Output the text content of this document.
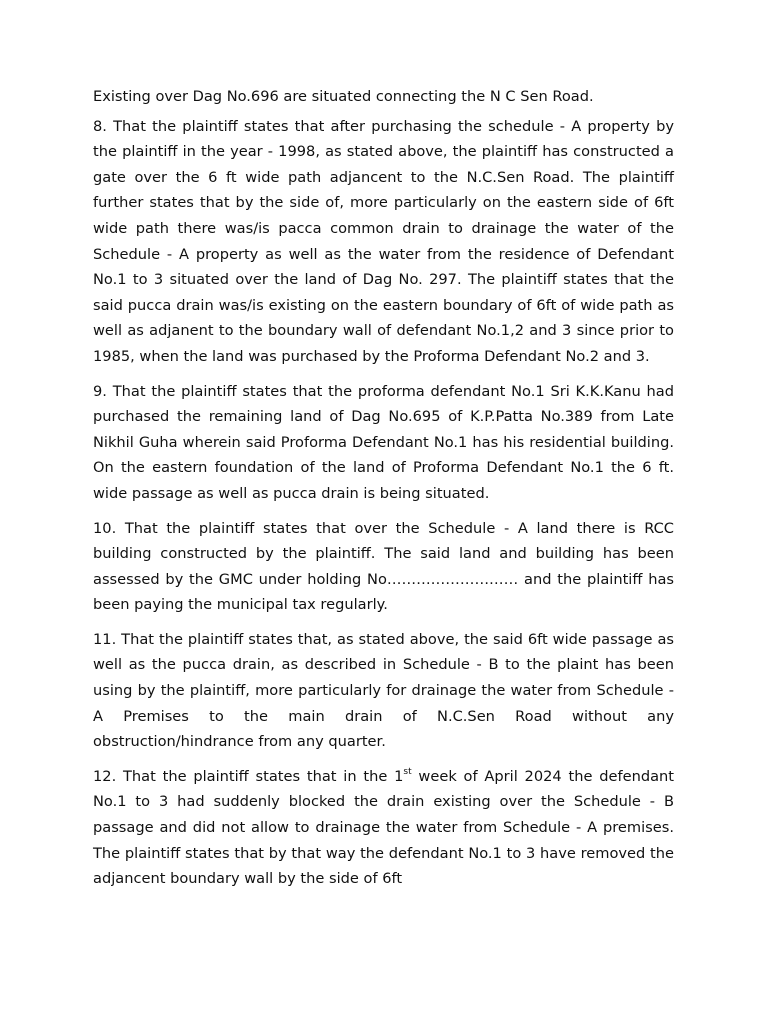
Existing over Dag No.696 are situated connecting the N C Sen Road.

8. That the plaintiff states that after purchasing the schedule - A property by the plaintiff in the year - 1998, as stated above, the plaintiff has constructed a gate over the 6 ft wide path adjancent to the N.C.Sen Road. The plaintiff further states that by the side of, more particularly on the eastern side of 6ft wide path there was/is pacca common drain to drainage the water of the Schedule - A property as well as the water from the residence of Defendant No.1 to 3 situated over the land of Dag No. 297. The plaintiff states that the said pucca drain was/is existing on the eastern boundary of 6ft of wide path as well as adjanent to the boundary wall of defendant No.1,2 and 3 since prior to 1985, when the land was purchased by the Proforma Defendant No.2 and 3.

9. That the plaintiff states that the proforma defendant No.1 Sri K.K.Kanu had purchased the remaining land of Dag No.695 of K.P.Patta No.389 from Late Nikhil Guha wherein said Proforma Defendant No.1 has his residential building. On the eastern foundation of the land of Proforma Defendant No.1 the 6 ft. wide passage as well as pucca drain is being situated.

10. That the plaintiff states that over the Schedule - A land there is RCC building constructed by the plaintiff. The said land and building has been assessed by the GMC under holding No……………………… and the plaintiff has been paying the municipal tax regularly.

11. That the plaintiff states that, as stated above, the said 6ft wide passage as well as the pucca drain, as described in Schedule - B to the plaint has been using by the plaintiff, more particularly for drainage the water from Schedule - A Premises to the main drain of N.C.Sen Road without any obstruction/hindrance from any quarter.

12. That the plaintiff states that in the 1st week of April 2024 the defendant No.1 to 3 had suddenly blocked the drain existing over the Schedule - B passage and did not allow to drainage the water from Schedule - A premises. The plaintiff states that by that way the defendant No.1 to 3 have removed the adjancent boundary wall by the side of 6ft
